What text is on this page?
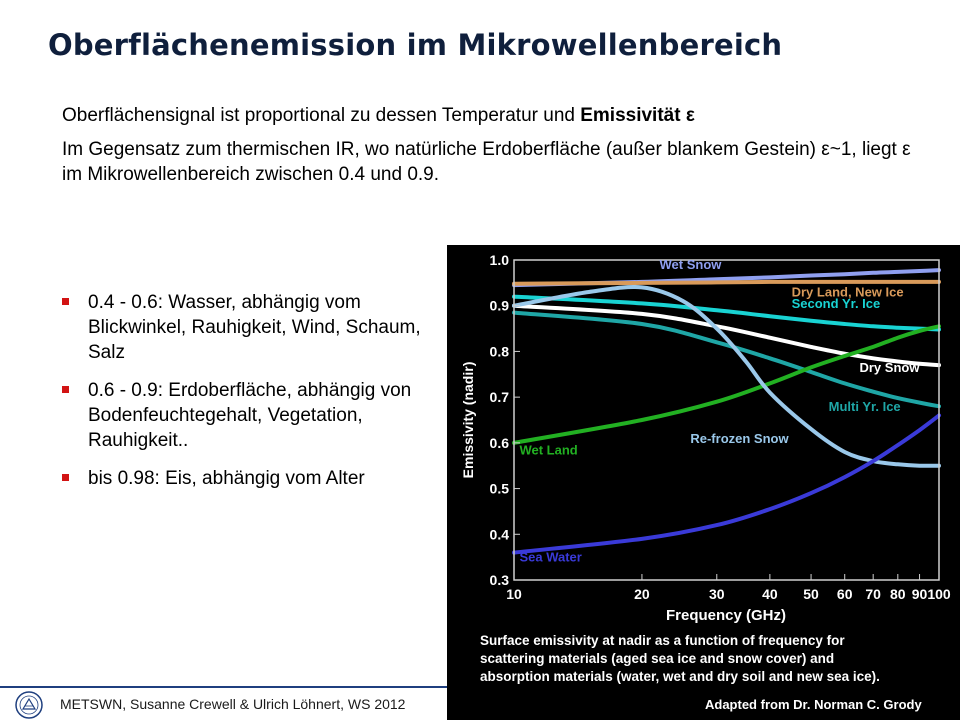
Oberflächenemission im Mikrowellenbereich

Oberflächensignal ist proportional zu dessen Temperatur und Emissivität ε

Im Gegensatz zum thermischen IR, wo natürliche Erdoberfläche (außer blankem Gestein) ε~1, liegt ε im Mikrowellenbereich zwischen 0.4 und 0.9.

0.4 - 0.6: Wasser, abhängig vom Blickwinkel, Rauhigkeit, Wind, Schaum, Salz
0.6 - 0.9: Erdoberfläche, abhängig von Bodenfeuchtegehalt, Vegetation, Rauhigkeit..
bis 0.98: Eis, abhängig vom Alter
0.3
0.4
0.5
0.6
0.7
0.8
0.9
1.0
10	20	30	40 50 60 70 80 90 100
Wet Snow
Dry Land, New Ice
Second Yr. Ice
Dry Snow
Multi Yr. Ice
Wet Land
Re-frozen Snow
Sea Water
Frequency (GHz)
Emissivity (nadir)
Surface emissivity at nadir as a function of frequency for
scattering materials (aged sea ice and snow cover) and
absorption materials (water, wet and dry soil and new sea ice).
Adapted from Dr. Norman C. Grody
METSWN, Susanne Crewell & Ulrich Löhnert, WS 2012
